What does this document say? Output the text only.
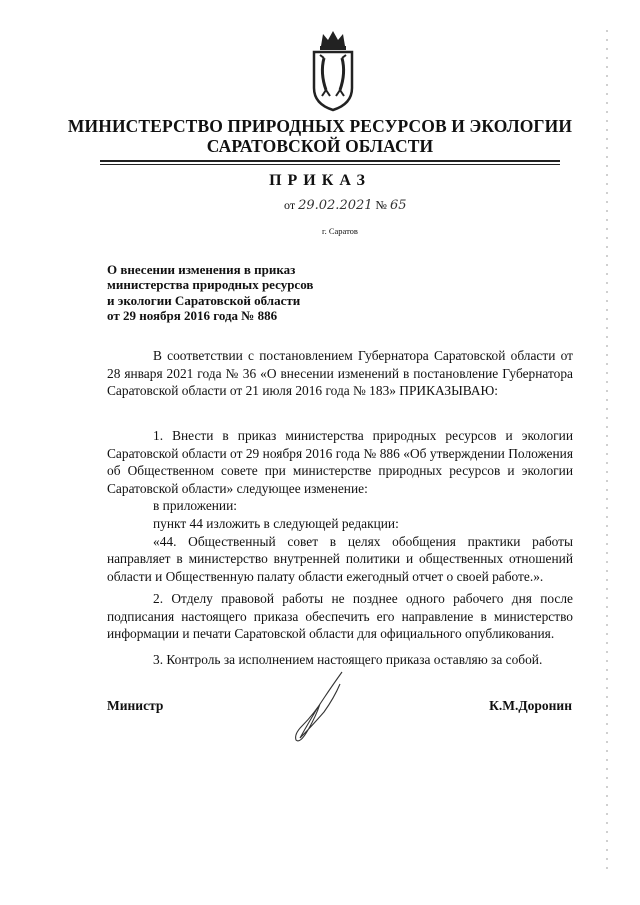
МИНИСТЕРСТВО ПРИРОДНЫХ РЕСУРСОВ И ЭКОЛОГИИ
САРАТОВСКОЙ ОБЛАСТИ
ПРИКАЗ
от 29.02.2021 № 65
г. Саратов
О внесении изменения в приказ
министерства природных ресурсов
и экологии Саратовской области
от 29 ноября 2016 года № 886
В соответствии с постановлением Губернатора Саратовской области от 28 января 2021 года № 36 «О внесении изменений в постановление Губернатора Саратовской области от 21 июля 2016 года № 183» ПРИКАЗЫВАЮ:
1. Внести в приказ министерства природных ресурсов и экологии Саратовской области от 29 ноября 2016 года № 886 «Об утверждении Положения об Общественном совете при министерстве природных ресурсов и экологии Саратовской области» следующее изменение:
в приложении:
пункт 44 изложить в следующей редакции:
«44. Общественный совет в целях обобщения практики работы направляет в министерство внутренней политики и общественных отношений области и Общественную палату области ежегодный отчет о своей работе.».
2. Отделу правовой работы не позднее одного рабочего дня после подписания настоящего приказа обеспечить его направление в министерство информации и печати Саратовской области для официального опубликования.
3. Контроль за исполнением настоящего приказа оставляю за собой.
Министр	К.М.Доронин
